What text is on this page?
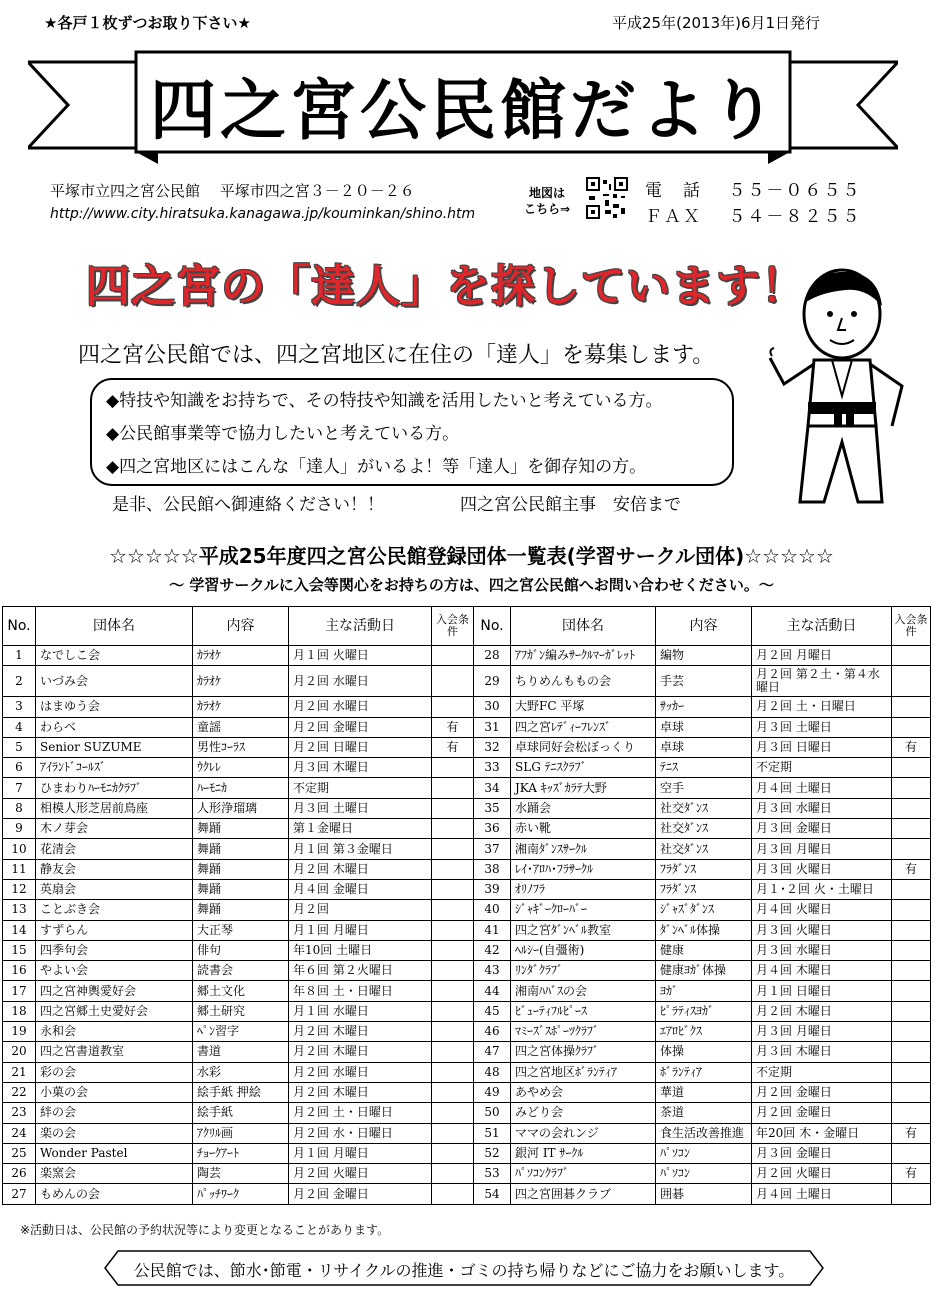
★各戸１枚ずつお取り下さい★	平成25年(2013年)6月1日発行
四之宮公民館だより
平塚市立四之宮公民館　 平塚市四之宮３－２０－２６
http://www.city.hiratsuka.kanagawa.jp/kouminkan/shino.htm
地図は
こちら⇒
電　話　 ５５－０６５５
ＦＡＸ　 ５４－８２５５
四之宮の「達人」を探しています！
四之宮公民館では、四之宮地区に在住の「達人」を募集します。
◆特技や知識をお持ちで、その特技や知識を活用したいと考えている方。
◆公民館事業等で協力したいと考えている方。
◆四之宮地区にはこんな「達人」がいるよ！等「達人」を御存知の方。
是非、公民館へ御連絡ください！！	四之宮公民館主事　安倍まで
☆☆☆☆☆平成25年度四之宮公民館登録団体一覧表(学習サークル団体)☆☆☆☆☆
～ 学習サークルに入会等関心をお持ちの方は、四之宮公民館へお問い合わせください。～
No.	団体名	内容	主な活動日	入会条件	No.	団体名	内容	主な活動日	入会条件
1	なでしこ会	ｶﾗｵｹ	月１回 火曜日		28	ｱﾌｶﾞﾝ編みｻｰｸﾙﾏｰｶﾞﾚｯﾄ	編物	月２回 月曜日	
2	いづみ会	ｶﾗｵｹ	月２回 水曜日		29	ちりめんももの会	手芸	月２回 第２土・第４水曜日	
3	はまゆう会	ｶﾗｵｹ	月２回 水曜日		30	大野FC 平塚	ｻｯｶｰ	月２回 土・日曜日	
4	わらべ	童謡	月２回 金曜日	有	31	四之宮ﾚﾃﾞｨｰﾌﾚﾝｽﾞ	卓球	月３回 土曜日	
5	Senior SUZUME	男性ｺｰﾗｽ	月２回 日曜日	有	32	卓球同好会松ぼっくり	卓球	月３回 日曜日	有
6	ｱｲﾗﾝﾄﾞｺｰﾙｽﾞ	ｳｸﾚﾚ	月３回 木曜日		33	SLG ﾃﾆｽｸﾗﾌﾞ	ﾃﾆｽ	不定期	
7	ひまわりﾊｰﾓﾆｶｸﾗﾌﾞ	ﾊｰﾓﾆｶ	不定期		34	JKA ｷｯｽﾞｶﾗﾃ大野	空手	月４回 土曜日	
8	相模人形芝居前鳥座	人形浄瑠璃	月３回 土曜日		35	水踊会	社交ﾀﾞﾝｽ	月３回 水曜日	
9	木ノ芽会	舞踊	第１金曜日		36	赤い靴	社交ﾀﾞﾝｽ	月３回 金曜日	
10	花清会	舞踊	月１回 第３金曜日		37	湘南ﾀﾞﾝｽｻｰｸﾙ	社交ﾀﾞﾝｽ	月３回 月曜日	
11	静友会	舞踊	月２回 木曜日		38	ﾚｲ･ｱﾛﾊ･ﾌﾗｻｰｸﾙ	ﾌﾗﾀﾞﾝｽ	月３回 火曜日	有
12	英扇会	舞踊	月４回 金曜日		39	ｵﾘﾉﾌﾗ	ﾌﾗﾀﾞﾝｽ	月１･２回 火・土曜日	
13	ことぶき会	舞踊	月２回		40	ｼﾞｬｷﾞｰｸﾛｰﾊﾞｰ	ｼﾞｬｽﾞﾀﾞﾝｽ	月４回 火曜日	
14	すずらん	大正琴	月１回 月曜日		41	四之宮ﾀﾞﾝﾍﾞﾙ教室	ﾀﾞﾝﾍﾞﾙ体操	月３回 火曜日	
15	四季句会	俳句	年10回 土曜日		42	ﾍﾙｼｰ(自彊術)	健康	月３回 水曜日	
16	やよい会	読書会	年６回 第２火曜日		43	ﾘﾝﾀﾞｸﾗﾌﾞ	健康ﾖｶﾞ体操	月４回 木曜日	
17	四之宮神輿愛好会	郷土文化	年８回 土・日曜日		44	湘南ﾊﾊﾞｽの会	ﾖｶﾞ	月１回 日曜日	
18	四之宮郷土史愛好会	郷土研究	月１回 水曜日		45	ﾋﾞｭｰﾃｨﾌﾙﾋﾟｰｽ	ﾋﾟﾗﾃｨｽﾖｶﾞ	月２回 木曜日	
19	永和会	ﾍﾟﾝ習字	月２回 木曜日		46	ﾏﾐｰｽﾞｽﾎﾟｰﾂｸﾗﾌﾞ	ｴｱﾛﾋﾞｸｽ	月３回 月曜日	
20	四之宮書道教室	書道	月２回 木曜日		47	四之宮体操ｸﾗﾌﾞ	体操	月３回 木曜日	
21	彩の会	水彩	月２回 水曜日		48	四之宮地区ﾎﾞﾗﾝﾃｨｱ	ﾎﾞﾗﾝﾃｨｱ	不定期	
22	小菓の会	絵手紙 押絵	月２回 木曜日		49	あやめ会	華道	月２回 金曜日	
23	絆の会	絵手紙	月２回 土・日曜日		50	みどり会	茶道	月２回 金曜日	
24	楽の会	ｱｸﾘﾙ画	月２回 水・日曜日		51	ママの会れンジ	食生活改善推進	年20回 木・金曜日	有
25	Wonder Pastel	ﾁｮｰｸｱｰﾄ	月１回 月曜日		52	銀河 IT ｻｰｸﾙ	ﾊﾟｿｺﾝ	月３回 金曜日	
26	楽窯会	陶芸	月２回 火曜日		53	ﾊﾟｿｺﾝｸﾗﾌﾞ	ﾊﾟｿｺﾝ	月２回 火曜日	有
27	もめんの会	ﾊﾟｯﾁﾜｰｸ	月２回 金曜日		54	四之宮囲碁クラブ	囲碁	月４回 土曜日	
※活動日は、公民館の予約状況等により変更となることがあります。
公民館では、節水･節電・リサイクルの推進・ゴミの持ち帰りなどにご協力をお願いします。
